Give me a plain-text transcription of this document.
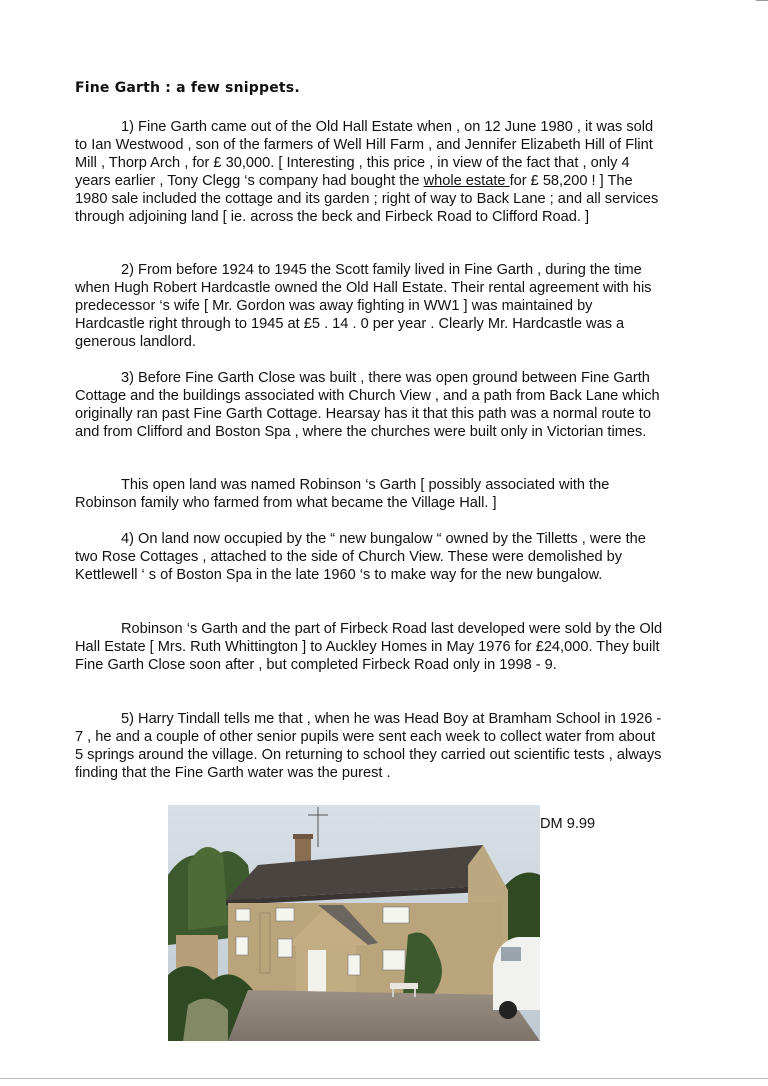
Fine Garth : a few snippets.

1) Fine Garth came out of the Old Hall Estate when , on 12 June 1980 , it was sold to Ian Westwood , son of the farmers of Well Hill Farm , and Jennifer Elizabeth Hill of Flint Mill , Thorp Arch , for £ 30,000. [ Interesting , this price , in view of the fact that , only 4 years earlier , Tony Clegg ‘s company had bought the whole estate for £ 58,200 ! ] The 1980 sale included the cottage and its garden ; right of way to Back Lane ; and all services through adjoining land [ ie. across the beck and Firbeck Road to Clifford Road. ]

2) From before 1924 to 1945 the Scott family lived in Fine Garth , during the time when Hugh Robert Hardcastle owned the Old Hall Estate. Their rental agreement with his predecessor ‘s wife [ Mr. Gordon was away fighting in WW1 ] was maintained by Hardcastle right through to 1945 at £5 . 14 . 0 per year . Clearly Mr. Hardcastle was a generous landlord.

3) Before Fine Garth Close was built , there was open ground between Fine Garth Cottage and the buildings associated with Church View , and a path from Back Lane which originally ran past Fine Garth Cottage. Hearsay has it that this path was a normal route to and from Clifford and Boston Spa , where the churches were built only in Victorian times.

This open land was named Robinson ‘s Garth [ possibly associated with the Robinson family who farmed from what became the Village Hall. ]

4) On land now occupied by the “ new bungalow “ owned by the Tilletts , were the two Rose Cottages , attached to the side of Church View. These were demolished by Kettlewell ‘ s of Boston Spa in the late 1960 ‘s to make way for the new bungalow.

Robinson ‘s Garth and the part of Firbeck Road last developed were sold by the Old Hall Estate [ Mrs. Ruth Whittington ] to Auckley Homes in May 1976 for £24,000. They built Fine Garth Close soon after , but completed Firbeck Road only in 1998 - 9.

5) Harry Tindall tells me that , when he was Head Boy at Bramham School in 1926 - 7 , he and a couple of other senior pupils were sent each week to collect water from about 5 springs around the village. On returning to school they carried out scientific tests , always finding that the Fine Garth water was the purest .

DM 9.99
